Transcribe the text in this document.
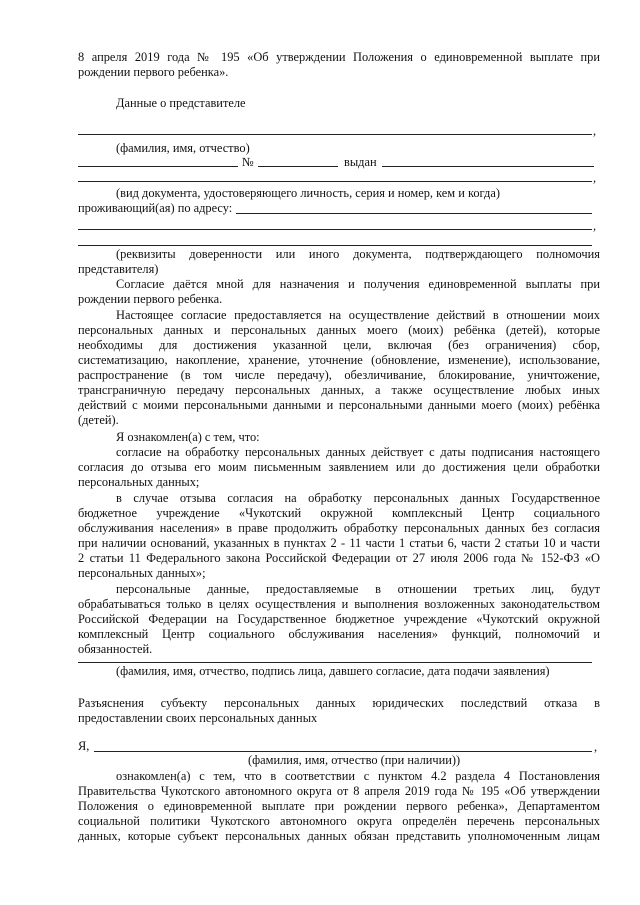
8 апреля 2019 года № 195 «Об утверждении Положения о единовременной выплате при
рождении первого ребенка».
Данные о представителе
,
(фамилия, имя, отчество)
№	выдан
,
(вид документа, удостоверяющего личность, серия и номер, кем и когда)
проживающий(ая) по адресу:
,
(реквизиты доверенности или иного документа, подтверждающего полномочия
представителя)
Согласие даётся мной для назначения и получения единовременной выплаты при
рождении первого ребенка.
Настоящее согласие предоставляется на осуществление действий в отношении моих
персональных данных и персональных данных моего (моих) ребёнка (детей), которые
необходимы для достижения указанной цели, включая (без ограничения) сбор,
систематизацию, накопление, хранение, уточнение (обновление, изменение), использование,
распространение (в том числе передачу), обезличивание, блокирование, уничтожение,
трансграничную передачу персональных данных, а также осуществление любых иных
действий с моими персональными данными и персональными данными моего (моих) ребёнка
(детей).
Я ознакомлен(а) с тем, что:
согласие на обработку персональных данных действует с даты подписания настоящего
согласия до отзыва его моим письменным заявлением или до достижения цели обработки
персональных данных;
в случае отзыва согласия на обработку персональных данных Государственное
бюджетное учреждение «Чукотский окружной комплексный Центр социального
обслуживания населения» в праве продолжить обработку персональных данных без согласия
при наличии оснований, указанных в пунктах 2 - 11 части 1 статьи 6, части 2 статьи 10 и части
2 статьи 11 Федерального закона Российской Федерации от 27 июля 2006 года № 152-ФЗ «О
персональных данных»;
персональные данные, предоставляемые в отношении третьих лиц, будут
обрабатываться только в целях осуществления и выполнения возложенных законодательством
Российской Федерации на Государственное бюджетное учреждение «Чукотский окружной
комплексный Центр социального обслуживания населения» функций, полномочий и
обязанностей.
(фамилия, имя, отчество, подпись лица, давшего согласие, дата подачи заявления)
Разъяснения субъекту персональных данных юридических последствий отказа в
предоставлении своих персональных данных
Я,	,
(фамилия, имя, отчество (при наличии))
ознакомлен(а) с тем, что в соответствии с пунктом 4.2 раздела 4 Постановления
Правительства Чукотского автономного округа от 8 апреля 2019 года № 195 «Об утверждении
Положения о единовременной выплате при рождении первого ребенка», Департаментом
социальной политики Чукотского автономного округа определён перечень персональных
данных, которые субъект персональных данных обязан представить уполномоченным лицам
